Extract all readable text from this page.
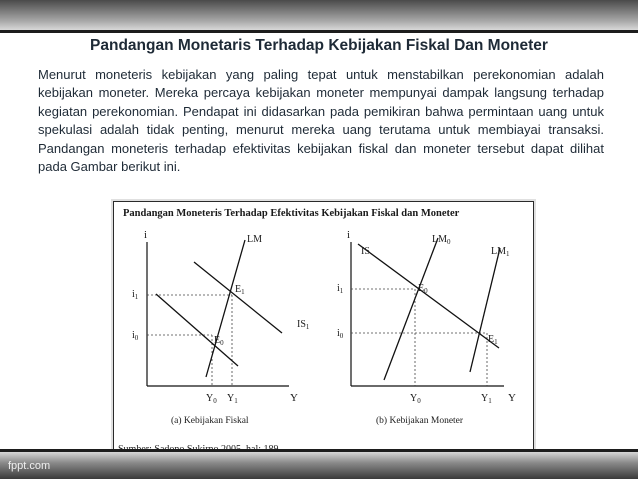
Pandangan Monetaris Terhadap Kebijakan Fiskal Dan Moneter
Menurut moneteris kebijakan yang paling tepat untuk menstabilkan perekonomian adalah kebijakan moneter. Mereka percaya kebijakan moneter mempunyai dampak langsung terhadap kegiatan perekonomian. Pendapat ini didasarkan pada pemikiran bahwa permintaan uang untuk spekulasi adalah tidak penting, menurut mereka uang terutama untuk membiayai transaksi. Pandangan moneteris terhadap efektivitas kebijakan fiskal dan moneter tersebut dapat dilihat pada Gambar berikut ini.
Pandangan Moneteris Terhadap Efektivitas Kebijakan Fiskal dan Moneter
i
Y
LM
$IS_1$
$E_1$
$E_0$
$i_1$
$i_0$
$Y_0$ $Y_1$
(a) Kebijakan Fiskal
i
Y
IS
$LM_0$
$LM_1$
$E_0$
$E_1$
$i_1$
$i_0$
$Y_0$	$Y_1$
(b) Kebijakan Moneter
fppt.com
